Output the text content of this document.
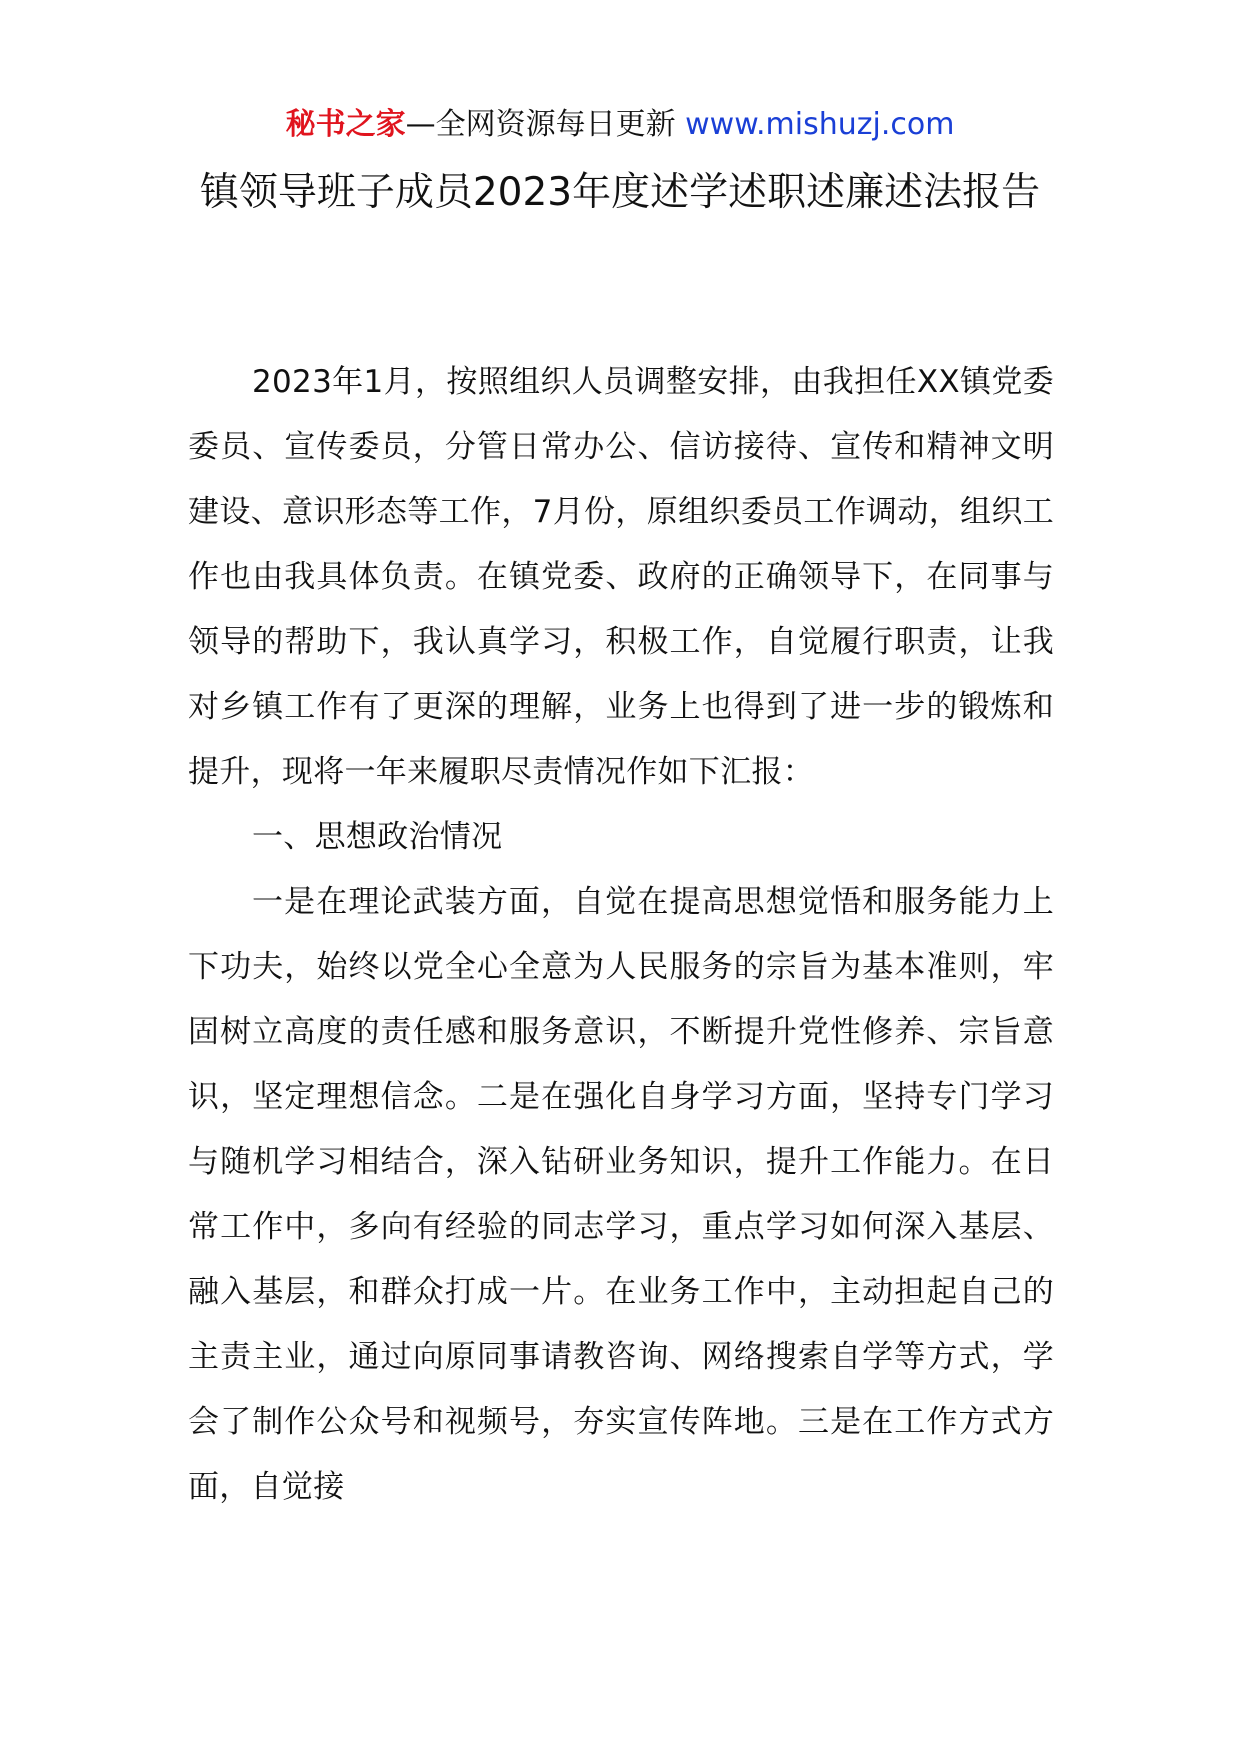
秘书之家—全网资源每日更新 www.mishuzj.com
镇领导班子成员2023年度述学述职述廉述法报告

2023年1月，按照组织人员调整安排，由我担任XX镇党委委员、宣传委员，分管日常办公、信访接待、宣传和精神文明建设、意识形态等工作，7月份，原组织委员工作调动，组织工作也由我具体负责。在镇党委、政府的正确领导下，在同事与领导的帮助下，我认真学习，积极工作，自觉履行职责，让我对乡镇工作有了更深的理解，业务上也得到了进一步的锻炼和提升，现将一年来履职尽责情况作如下汇报：

一、思想政治情况

一是在理论武装方面，自觉在提高思想觉悟和服务能力上下功夫，始终以党全心全意为人民服务的宗旨为基本准则，牢固树立高度的责任感和服务意识，不断提升党性修养、宗旨意识，坚定理想信念。二是在强化自身学习方面，坚持专门学习与随机学习相结合，深入钻研业务知识，提升工作能力。在日常工作中，多向有经验的同志学习，重点学习如何深入基层、融入基层，和群众打成一片。在业务工作中，主动担起自己的主责主业，通过向原同事请教咨询、网络搜索自学等方式，学会了制作公众号和视频号，夯实宣传阵地。三是在工作方式方面，自觉接
